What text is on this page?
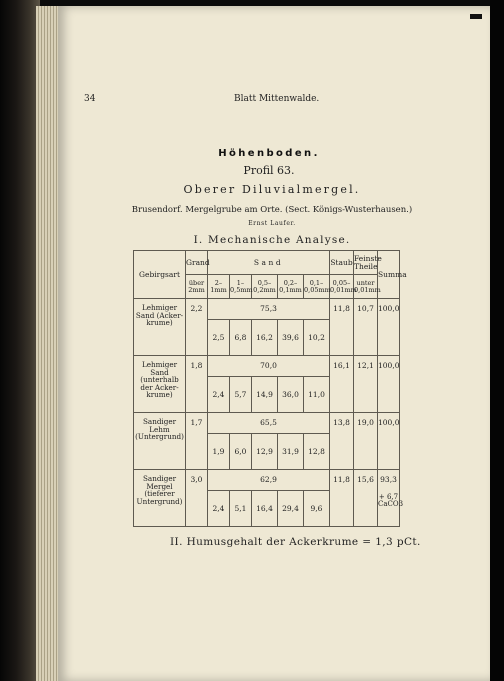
34	Blatt Mittenwalde.
Höhenboden.
Profil 63.
Oberer Diluvialmergel.
Brusendorf. Mergelgrube am Orte. (Sect. Königs-Wusterhausen.)
Ernst Laufer.
I. Mechanische Analyse.
Gebirgsart	Grand	Sand					Staub	Feinste Theile	Summa
	über 2mm	2– 1mm	1– 0,5mm	0,5– 0,2mm	0,2– 0,1mm	0,1– 0,05mm	0,05– 0,01mm	unter 0,01mm	
Lehmiger Sand (Acker-krume)	2,2	75,3					11,8	10,7	100,0

		2,5	6,8	16,2	39,6	10,2			
Lehmiger Sand (unterhalb der Acker-krume)	1,8	70,0					16,1	12,1	100,0

		2,4	5,7	14,9	36,0	11,0			
Sandiger Lehm (Untergrund)	1,7	65,5					13,8	19,0	100,0

		1,9	6,0	12,9	31,9	12,8			
Sandiger Mergel (tieferer Untergrund)	3,0	62,9					11,8	15,6	93,3
+ 6,7 CaCO3

		2,4	5,1	16,4	29,4	9,6			
II. Humusgehalt der Ackerkrume = 1,3 pCt.
